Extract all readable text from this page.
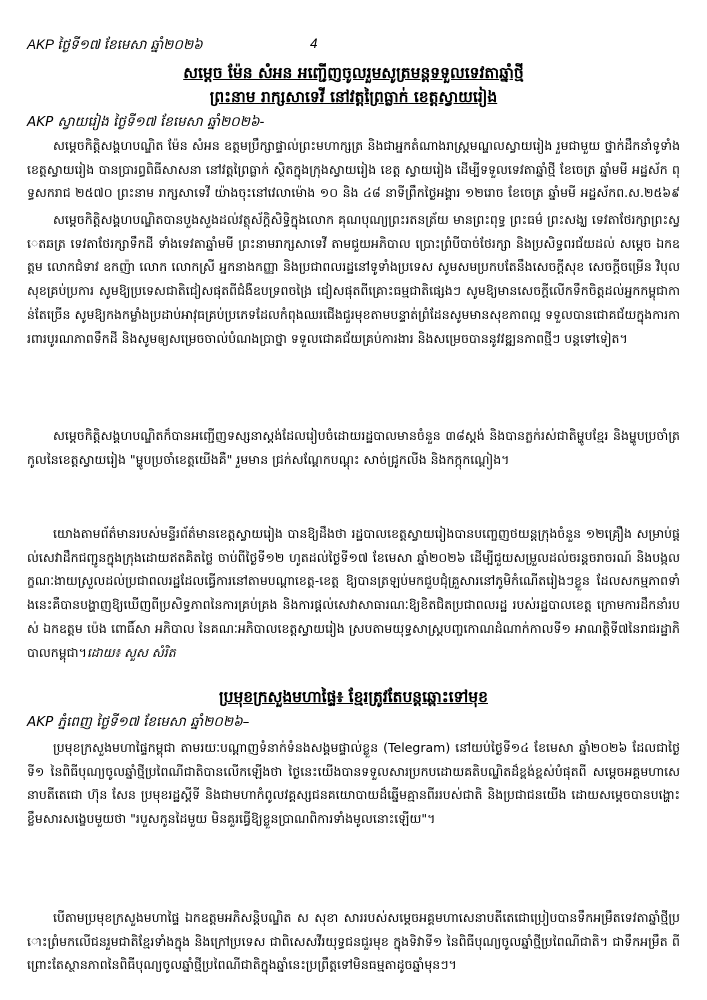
AKP ថ្ងៃទី១៧ ខែមេសា ឆ្នាំ២០២៦	4
សម្តេច ម៉ែន សំអន អញ្ជើញចូលរួមសូត្រមន្តទទួលទេវតាឆ្នាំថ្មី
ព្រះនាម រាក្សសាទេវី នៅវត្តព្រៃធ្លាក់ ខេត្តស្វាយរៀង
AKP ស្វាយរៀង ថ្ងៃទី១៧ ខែមេសា ឆ្នាំ២០២៦-
សម្តេចកិត្តិសង្គហបណ្ឌិត ម៉ែន សំអន ឧត្តមប្រឹក្សាផ្ទាល់ព្រះមហាក្សត្រ និងជាអ្នកតំណាងរាស្ត្រមណ្ឌលស្វាយរៀង រួមជាមួយ ថ្នាក់ដឹកនាំទូទាំងខេត្តស្វាយរៀង បានប្រារព្ធពិធីសាសនា នៅវត្តព្រៃធ្លាក់ ស្ថិតក្នុងក្រុងស្វាយរៀង ខេត្ត ស្វាយរៀង ដើម្បីទទួលទេវតាឆ្នាំថ្មី ខែចេត្រ ឆ្នាំមមី អដ្ឋស័ក ពុទ្ធសករាជ ២៥៧០ ព្រះនាម រាក្សសាទេវី យ៉ាងចុះនៅវេលាម៉ោង ១០ និង ៤៨ នាទីព្រឹកថ្ងៃអង្គារ ១២រោច ខែចេត្រ ឆ្នាំមមី អដ្ឋស័កព.ស.២៥៦៩
សម្តេចកិត្តិសង្គហបណ្ឌិតបានបួងសួងដល់វត្ថុស័ក្តិសិទ្ធិក្នុងលោក គុណបុណ្យព្រះរតនត្រ័យ មានព្រះពុទ្ធ ព្រះធម៌ ព្រះសង្ឃ ទេវតាថែរក្សាព្រះស្វេតឆត្រ ទេវតាថែរក្សាទឹកដី ទាំងទេវតាឆ្នាំមមី ព្រះនាមរាក្សសាទេវី តាមជួយអភិបាល ប្រោះព្រំបីបាច់ថែរក្សា និងប្រសិទ្ធពរជ័យដល់ សម្តេច ឯកឧត្តម លោកជំទាវ ឧកញ៉ា លោក លោកស្រី អ្នកនាងកញ្ញា និងប្រជាពលរដ្ឋនៅទូទាំងប្រទេស សូមសមប្រកបតែនឹងសេចក្តីសុខ សេចក្តីចម្រើន វិបុលសុខគ្រប់ប្រការ សូមឱ្យប្រទេសជាតិជៀសផុតពីជំងឺឧបទ្រពចង្រៃ ជៀសផុតពីគ្រោះធម្មជាតិផ្សេងៗ សូមឱ្យមានសេចក្តីលើកទឹកចិត្តដល់អ្នកកម្ពុជាកាន់តែច្រើន សូមឱ្យកងកម្លាំងប្រដាប់អាវុធគ្រប់ប្រភេទដែលកំពុងឈរជើងជួរមុខតាមបន្ទាត់ព្រំដែនសូមមានសុខភាពល្អ ទទួលបានជោគជ័យក្នុងការការពារបូរណភាពទឹកដី និងសូមឲ្យសម្រេចចាល់បំណងប្រាថ្នា ទទួលជោគជ័យគ្រប់ការងារ និងសម្រេចបាននូវវឌ្ឍនភាពថ្មីៗ បន្តទៅទៀត។
សម្តេចកិត្តិសង្គហបណ្ឌិតក៏បានអញ្ជើញទស្សនាស្តង់ដែលរៀបចំដោយរដ្ឋបាលមានចំនួន ៣៨ស្តង់ និងបានភ្លក់រស់ជាតិម្ហូបខ្មែរ និងម្ហូបប្រចាំត្រកូលនៃខេត្តស្វាយរៀង "ម្ហូបប្រចាំខេត្តយើងគឺ" រួមមាន ជ្រក់សណ្តែកបណ្តុះ សាច់ជ្រូកលីង និងកក្កុកណ្ដៀង។
យោងតាមព័ត៌មានរបស់មន្ទីរព័ត៌មានខេត្តស្វាយរៀង បានឱ្យដឹងថា រដ្ឋបាលខេត្តស្វាយរៀងបានបញ្ចេញថយន្តក្រុងចំនួន ១២គ្រឿង សម្រាប់ផ្តល់សេវាដឹកជញ្ជូនក្នុងក្រុងដោយឥតគិតថ្លៃ ចាប់ពីថ្ងៃទី១២ ហូតដល់ថ្ងៃទី១៧ ខែមេសា ឆ្នាំ២០២៦ ដើម្បីជួយសម្រួលដល់ចរន្តចរាចរណ៍ និងបង្កលក្ខណៈងាយស្រួលដល់ប្រជាពលរដ្ឋដែលធ្វើការនៅតាមបណ្តាខេត្ត-ខេត្ត ឱ្យបានត្រឡប់មកជួបជុំគ្រួសារនៅភូមិកំណើតរៀងៗខ្លួន ដែលសកម្មភាពទាំងនេះគឺបានបង្ហាញឱ្យឃើញពីប្រសិទ្ធភាពនៃការគ្រប់គ្រង និងការផ្តល់សេវាសាធារណៈឱ្យខិតជិតប្រជាពលរដ្ឋ របស់រដ្ឋបាលខេត្ត ក្រោមការដឹកនាំរបស់ ឯកឧត្តម ប៉េង ពោធិ៍សា អភិបាល នៃគណៈអភិបាលខេត្តស្វាយរៀង ស្របតាមយុទ្ធសាស្ត្របញ្ចកោណដំណាក់កាលទី១ អាណត្តិទី៧នៃរាជរដ្ឋាភិបាលកម្ពុជា។ដោយ៖ សួស សំរិត
ប្រមុខក្រសួងមហាផ្ទៃ៖ ខ្មែរត្រូវតែបន្តឆ្ពោះទៅមុខ
AKP ភ្នំពេញ ថ្ងៃទី១៧ ខែមេសា ឆ្នាំ២០២៦–
ប្រមុខក្រសួងមហាផ្ទៃកម្ពុជា តាមរយៈបណ្តាញទំនាក់ទំនងសង្គមផ្ទាល់ខ្លួន (Telegram) នៅយប់ថ្ងៃទី១៤ ខែមេសា ឆ្នាំ២០២៦ ដែលជាថ្ងៃទី១ នៃពិធីបុណ្យចូលឆ្នាំថ្មីប្រពៃណីជាតិបានលើកឡើងថា ថ្ងៃនេះយើងបានទទួលសារប្រកបដោយគតិបណ្ឌិតដ៏ខ្ពង់ខ្ពស់បំផុតពី សម្តេចអគ្គមហាសេនាបតីតេជោ ហ៊ុន សែន ប្រមុខរដ្ឋស្តីទី និងជាមហាកំពូលវគ្គស្សជនគយោបាយដ៏ឆ្នើមគ្មានពីររបស់ជាតិ និងប្រជាជនយើង ដោយសម្តេចបានបង្ហោះខ្លឹមសារសង្ខេបមួយថា "របួសកូនដៃមួយ មិនគួរធ្វើឱ្យខ្លួនប្រាណពិការទាំងមូលនោះឡើយ"។
បើតាមប្រមុខក្រសួងមហាផ្ទៃ ឯកឧត្តមអភិសន្តិបណ្ឌិត ស សុខា សាររបស់សម្តេចអគ្គមហាសេនាបតីតេជោប្រៀបបានទឹកអម្រឹតទេវតាឆ្នាំថ្មីប្រោះព្រំមកលើជនរួមជាតិខ្មែរទាំងក្នុង និងក្រៅប្រទេស ជាពិសេសវីរយុទ្ធជនជួរមុខ ក្នុងទិវាទី១ នៃពិធីបុណ្យចូលឆ្នាំថ្មីប្រពៃណីជាតិ។ ជាទឹកអម្រឹត ពីព្រោះតែស្ថានភាពនៃពិធីបុណ្យចូលឆ្នាំថ្មីប្រពៃណីជាតិក្នុងឆ្នាំនេះប្រព្រឹត្តទៅមិនធម្មតាដូចឆ្នាំមុនៗ។
